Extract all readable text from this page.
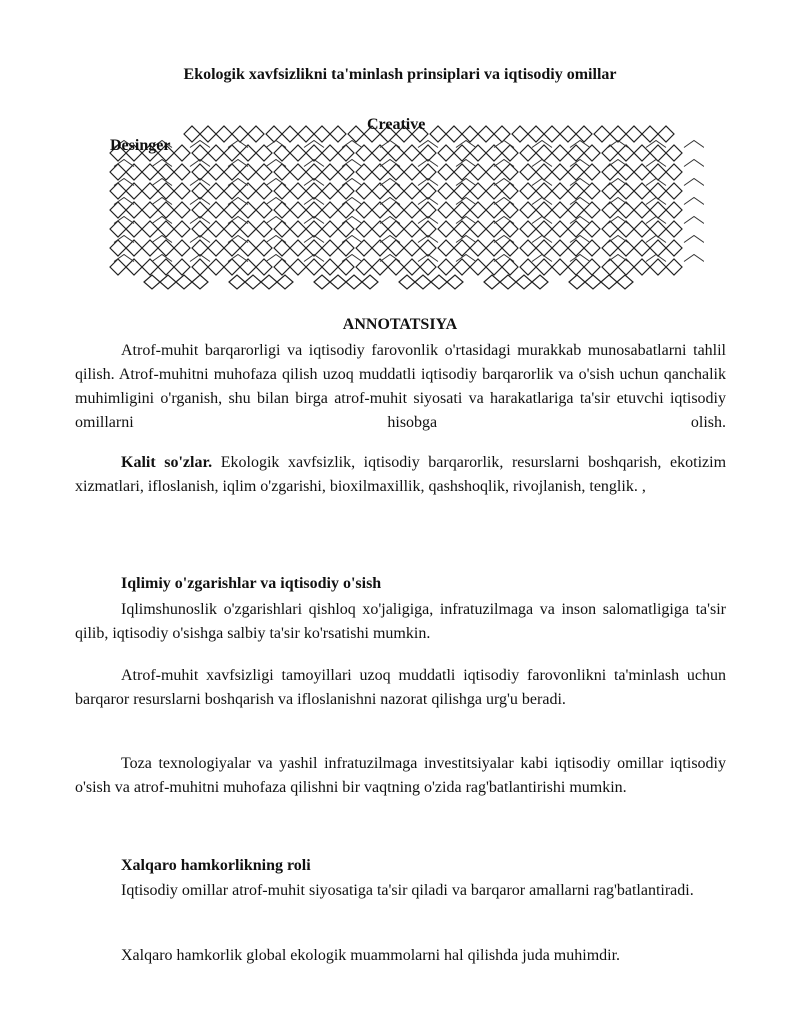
Ekologik xavfsizlikni ta'minlash prinsiplari va iqtisodiy omillar
Creative
Desinger
ANNOTATSIYA

Atrof-muhit barqarorligi va iqtisodiy farovonlik o'rtasidagi murakkab munosabatlarni tahlil qilish. Atrof-muhitni muhofaza qilish uzoq muddatli iqtisodiy barqarorlik va o'sish uchun qanchalik muhimligini o'rganish, shu bilan birga atrof-muhit siyosati va harakatlariga ta'sir etuvchi iqtisodiy omillarni hisobga olish.

Kalit so'zlar. Ekologik xavfsizlik, iqtisodiy barqarorlik, resurslarni boshqarish, ekotizim xizmatlari, ifloslanish, iqlim o'zgarishi, bioxilmaxillik, qashshoqlik, rivojlanish, tenglik. ,

Iqlimiy o'zgarishlar va iqtisodiy o'sish

Iqlimshunoslik o'zgarishlari qishloq xo'jaligiga, infratuzilmaga va inson salomatligiga ta'sir qilib, iqtisodiy o'sishga salbiy ta'sir ko'rsatishi mumkin.

Atrof-muhit xavfsizligi tamoyillari uzoq muddatli iqtisodiy farovonlikni ta'minlash uchun barqaror resurslarni boshqarish va ifloslanishni nazorat qilishga urg'u beradi.

Toza texnologiyalar va yashil infratuzilmaga investitsiyalar kabi iqtisodiy omillar iqtisodiy o'sish va atrof-muhitni muhofaza qilishni bir vaqtning o'zida rag'batlantirishi mumkin.

Xalqaro hamkorlikning roli

Iqtisodiy omillar atrof-muhit siyosatiga ta'sir qiladi va barqaror amallarni rag'batlantiradi.

Xalqaro hamkorlik global ekologik muammolarni hal qilishda juda muhimdir.
